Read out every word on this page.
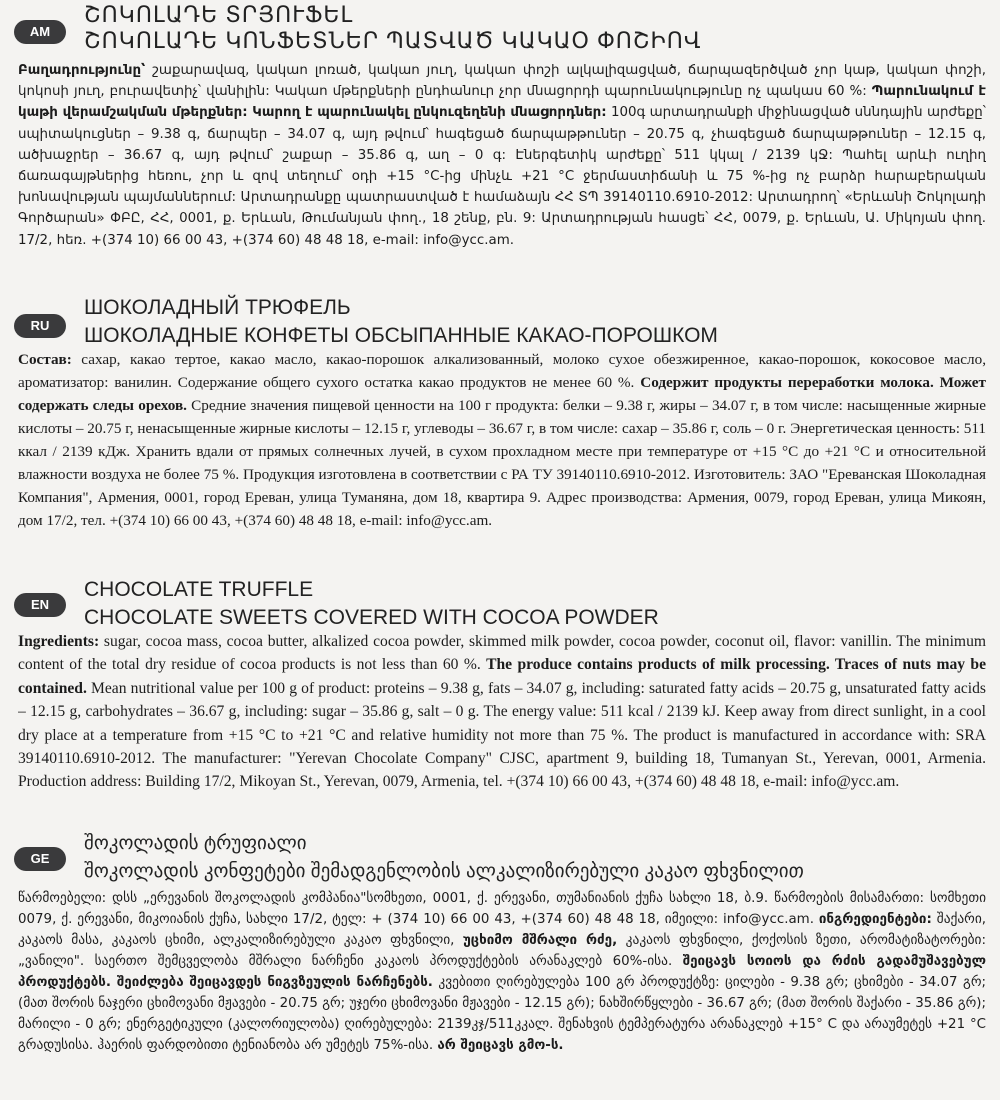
AM
ՇՈԿՈԼԱԴԵ ՏՐՅՈՒՖԵԼ
ՇՈԿՈԼԱԴԵ ԿՈՆՖԵՏՆԵՐ ՊԱՏՎԱԾ ԿԱԿԱՕ ՓՈՇԻՈՎ
Բաղադրությունը՝ շաքարավազ, կակաո լոռած, կակաո յուղ, կակաո փոշի ալկալիզացված, ճարպազերծված չոր կաթ, կակաո փոշի, կոկոսի յուղ, բուրավետիչ՝ վանիլին: Կակաո մթերքների ընդհանուր չոր մնացորդի պարունակությունը ոչ պակաս 60 %: Պարունակում է կաթի վերամշակման մթերքներ: Կարող է պարունակել ընկուզեղենի մնացորդներ: 100գ արտադրանքի միջինացված սննդային արժեքը՝ սպիտակուցներ – 9.38 գ, ճարպեր – 34.07 գ, այդ թվում՝ հագեցած ճարպաթթուներ – 20.75 գ, չհագեցած ճարպաթթուներ – 12.15 գ, ածխաջրեր – 36.67 գ, այդ թվում՝ շաքար – 35.86 գ, աղ – 0 գ: Էներգետիկ արժեքը՝ 511 կկալ / 2139 կՋ: Պահել արևի ուղիղ ճառագայթներից հեռու, չոր և զով տեղում՝ օդի +15 °C-ից մինչև +21 °C ջերմաստիճանի և 75 %-ից ոչ բարձր հարաբերական խոնավության պայմաններում: Արտադրանքը պատրաստված է համաձայն ՀՀ ՏՊ 39140110.6910-2012: Արտադրող՝ «Երևանի Շոկոլադի Գործարան» ՓԲԸ, ՀՀ, 0001, ք. Երևան, Թումանյան փող., 18 շենք, բն. 9: Արտադրության հասցե՝ ՀՀ, 0079, ք. Երևան, Ա. Միկոյան փող. 17/2, հեռ. +(374 10) 66 00 43, +(374 60) 48 48 18, e-mail: info@ycc.am.
RU
ШОКОЛАДНЫЙ ТРЮФЕЛЬ
ШОКОЛАДНЫЕ КОНФЕТЫ ОБСЫПАННЫЕ КАКАО-ПОРОШКОМ
Состав: сахар, какао тертое, какао масло, какао-порошок алкализованный, молоко сухое обезжиренное, какао-порошок, кокосовое масло, ароматизатор: ванилин. Содержание общего сухого остатка какао продуктов не менее 60 %. Содержит продукты переработки молока. Может содержать следы орехов. Средние значения пищевой ценности на 100 г продукта: белки – 9.38 г, жиры – 34.07 г, в том числе: насыщенные жирные кислоты – 20.75 г, ненасыщенные жирные кислоты – 12.15 г, углеводы – 36.67 г, в том числе: сахар – 35.86 г, соль – 0 г. Энергетическая ценность: 511 ккал / 2139 кДж. Хранить вдали от прямых солнечных лучей, в сухом прохладном месте при температуре от +15 °С до +21 °С и относительной влажности воздуха не более 75 %. Продукция изготовлена в соответствии с РА ТУ 39140110.6910-2012. Изготовитель: ЗАО "Ереванская Шоколадная Компания", Армения, 0001, город Ереван, улица Туманяна, дом 18, квартира 9. Адрес производства: Армения, 0079, город Ереван, улица Микоян, дом 17/2, тел. +(374 10) 66 00 43, +(374 60) 48 48 18, e-mail: info@ycc.am.
EN
CHOCOLATE TRUFFLE
CHOCOLATE SWEETS COVERED WITH COCOA POWDER
Ingredients: sugar, cocoa mass, cocoa butter, alkalized cocoa powder, skimmed milk powder, cocoa powder, coconut oil, flavor: vanillin. The minimum content of the total dry residue of cocoa products is not less than 60 %. The produce contains products of milk processing. Traces of nuts may be contained. Mean nutritional value per 100 g of product: proteins – 9.38 g, fats – 34.07 g, including: saturated fatty acids – 20.75 g, unsaturated fatty acids – 12.15 g, carbohydrates – 36.67 g, including: sugar – 35.86 g, salt – 0 g. The energy value: 511 kcal / 2139 kJ. Keep away from direct sunlight, in a cool dry place at a temperature from +15 °C to +21 °C and relative humidity not more than 75 %. The product is manufactured in accordance with: SRA 39140110.6910-2012. The manufacturer: "Yerevan Chocolate Company" CJSC, apartment 9, building 18, Tumanyan St., Yerevan, 0001, Armenia. Production address: Building 17/2, Mikoyan St., Yerevan, 0079, Armenia, tel. +(374 10) 66 00 43, +(374 60) 48 48 18, e-mail: info@ycc.am.
GE
შოკოლადის ტრუფიალი
შოკოლადის კონფეტები შემადგენლობის ალკალიზირებული კაკაო ფხვნილით
წარმოებელი: დსს „ერევანის შოკოლადის კომპანია"სომხეთი, 0001, ქ. ერევანი, თუმანიანის ქუჩა სახლი 18, ბ.9. წარმოების მისამართი: სომხეთი 0079, ქ. ერევანი, მიკოიანის ქუჩა, სახლი 17/2, ტელ: + (374 10) 66 00 43, +(374 60) 48 48 18, იმეილი: info@ycc.am. ინგრედიენტები: შაქარი, კაკაოს მასა, კაკაოს ცხიმი, ალკალიზირებული კაკაო ფხვნილი, უცხიმო მშრალი რძე, კაკაოს ფხვნილი, ქოქოსის ზეთი, არომატიზატორები: „ვანილი". საერთო შემცველობა მშრალი ნარჩენი კაკაოს პროდუქტების არანაკლებ 60%-ისა. შეიცავს სოიოს და რძის გადამუშავებულ პროდუქტებს. შეიძლება შეიცავდეს ნიგვზეულის ნარჩენებს. კვებითი ღირებულება 100 გრ პროდუქტზე: ცილები - 9.38 გრ; ცხიმები - 34.07 გრ; (მათ შორის ნაჯერი ცხიმოვანი მჟავები - 20.75 გრ; უჯერი ცხიმოვანი მჟავები - 12.15 გრ); ნახშირწყლები - 36.67 გრ; (მათ შორის შაქარი - 35.86 გრ); მარილი - 0 გრ; ენერგეტიკული (კალორიულობა) ღირებულება: 2139კჯ/511კკალ. შენახვის ტემპერატურა არანაკლებ +15° C და არაუმეტეს +21 °C გრადუსისა. ჰაერის ფარდობითი ტენიანობა არ უმეტეს 75%-ისა. არ შეიცავს გმო-ს.
